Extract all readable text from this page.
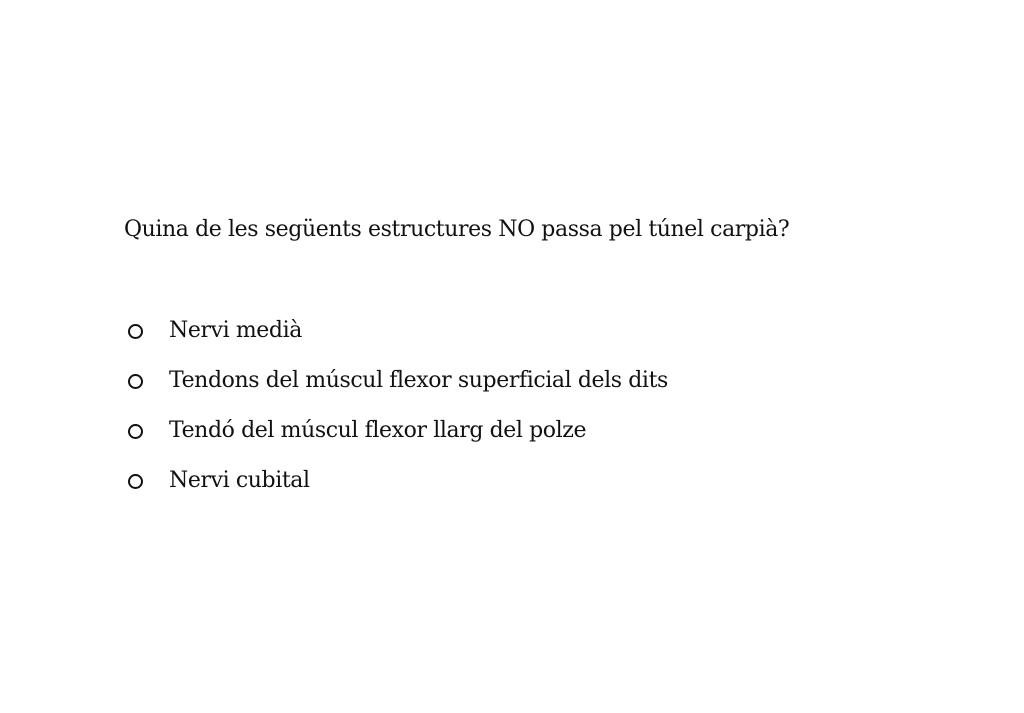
Quina de les següents estructures NO passa pel túnel carpià?
Nervi medià
Tendons del múscul flexor superficial dels dits
Tendó del múscul flexor llarg del polze
Nervi cubital
